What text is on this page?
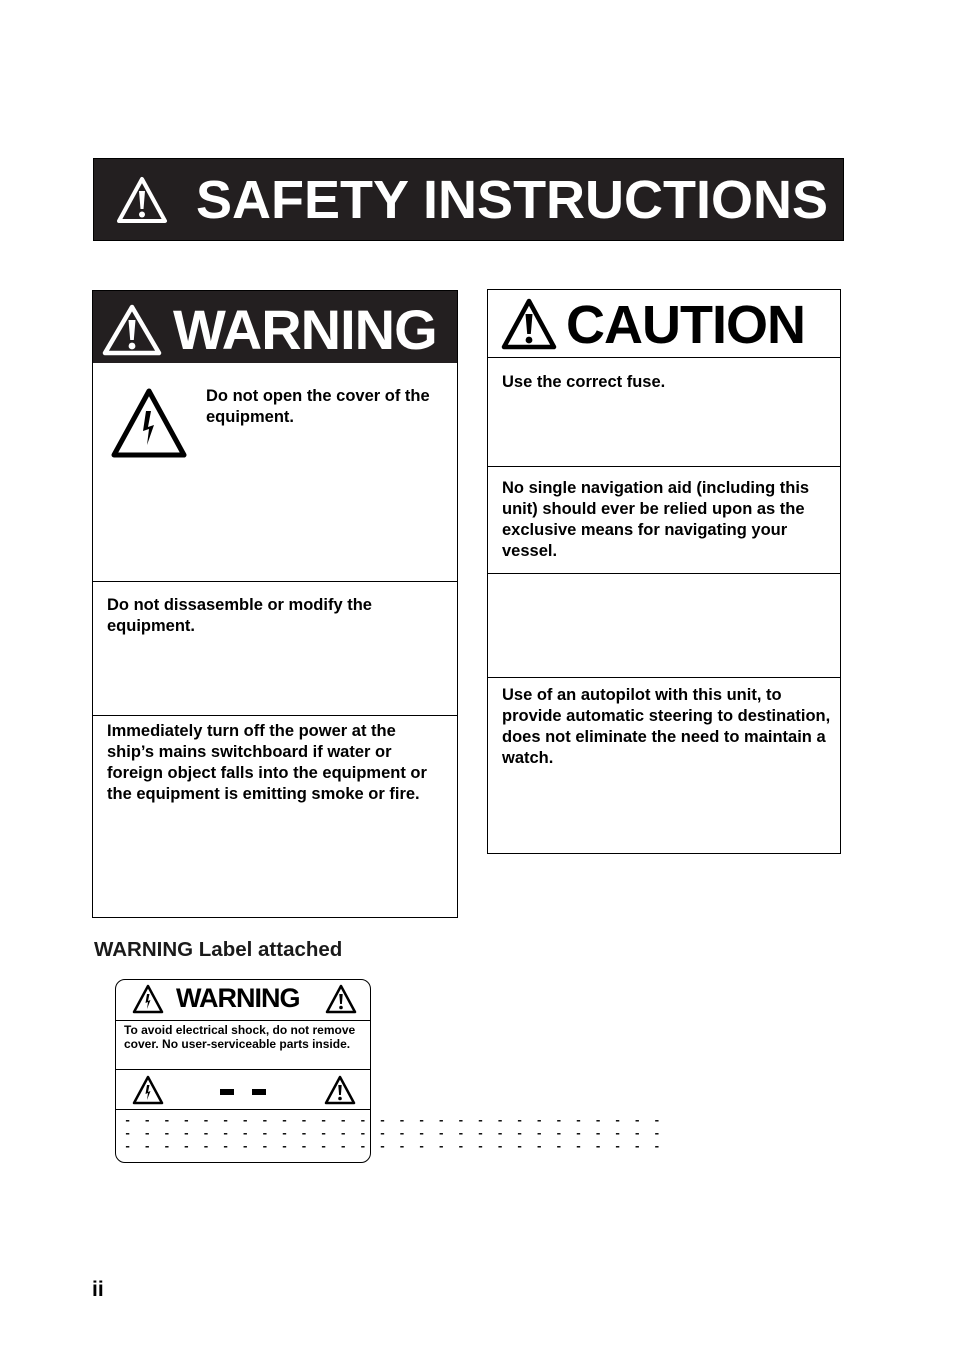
SAFETY INSTRUCTIONS
WARNING
Do not open the cover of the equipment.
Do not dissasemble or modify the equipment.
Immediately turn off the power at the ship’s mains switchboard if water or foreign object falls into the equipment or the equipment is emitting smoke or fire.
CAUTION
Use the correct fuse.
No single navigation aid (including this unit) should ever be relied upon as the exclusive means for navigating your vessel.
Use of an autopilot with this unit, to provide automatic steering to destination, does not eliminate the need to maintain a watch.
WARNING Label attached
WARNING
To avoid electrical shock, do not remove cover. No user-serviceable parts inside.
- - - - - - - - - - - - - - - - - - - - - - - - - - - -
- - - - - - - - - - - - - - - - - - - - - - - - - - - -
- - - - - - - - - - - - - - - - - - - - - - - - - - - -
ii
